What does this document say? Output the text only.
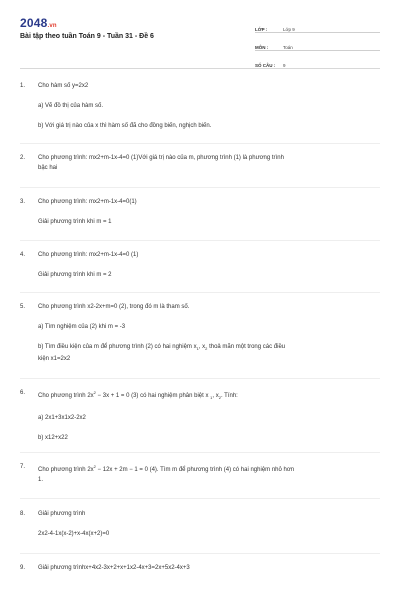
2048.vn
Bài tập theo tuần Toán 9 - Tuần 31 - Đề 6
LỚP :	Lớp 9
MÔN :	Toán
SỐ CÂU :	9
1.	Cho hàm số y=2x2
a) Vẽ đồ thị của hàm số.
b) Với giá trị nào của x thì hàm số đã cho đồng biến, nghịch biến.
2.	Cho phương trình: mx2+m-1x-4=0 (1)Với giá trị nào của m, phương trình (1) là phương trình
bậc hai
3.	Cho phương trình: mx2+m-1x-4=0(1)
Giải phương trình khi m = 1
4.	Cho phương trình: mx2+m-1x-4=0 (1)
Giải phương trình khi m = 2
5.	Cho phương trình x2-2x+m=0 (2), trong đó m là tham số.
a) Tìm nghiệm của (2) khi m = -3
b) Tìm điều kiện của m để phương trình (2) có hai nghiệm $x_1$, $x_2$ thoả mãn một trong các điều
kiện x1=2x2
6.	Cho phương trình $2x^2 - 3x + 1 = 0$ (3) có hai nghiệm phân biệt x $_1$, $x_2$. Tính:
a) 2x1+3x1x2-2x2
b) x12+x22
7.	Cho phương trình $2x^2 - 12x + 2m - 1 = 0$ (4). Tìm m để phương trình (4) có hai nghiệm nhỏ hơn
1.
8.	Giải phương trình
2x2-4-1x(x-2)+x-4x(x+2)=0
9.	Giải phương trìnhx+4x2-3x+2+x+1x2-4x+3=2x+5x2-4x+3
